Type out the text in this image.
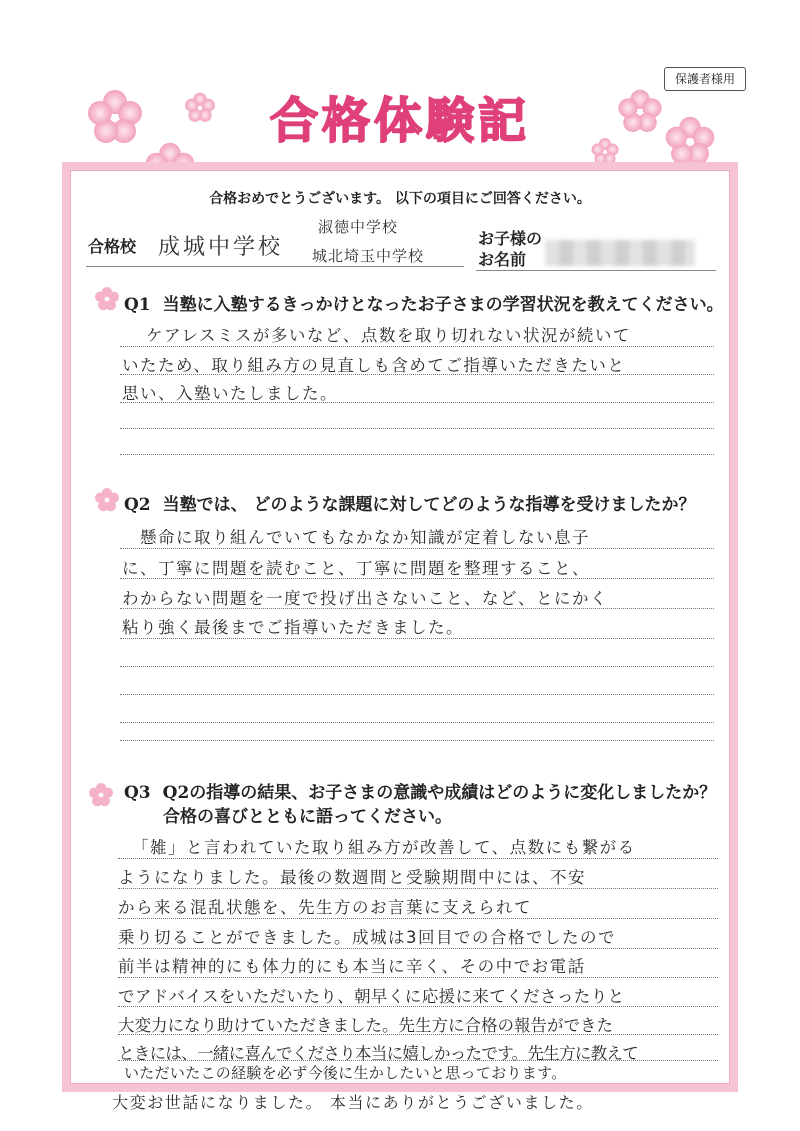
保護者様用
合格体験記
合格おめでとうございます。 以下の項目にご回答ください。
合格校 成城中学校
淑徳中学校
城北埼玉中学校
お子様の
お名前
Q1 当塾に入塾するきっかけとなったお子さまの学習状況を教えてください。
ケアレスミスが多いなど、点数を取り切れない状況が続いて
いたため、取り組み方の見直しも含めてご指導いただきたいと
思い、入塾いたしました。
Q2 当塾では、 どのような課題に対してどのような指導を受けましたか？
懸命に取り組んでいてもなかなか知識が定着しない息子
に、丁寧に問題を読むこと、丁寧に問題を整理すること、
わからない問題を一度で投げ出さないこと、など、とにかく
粘り強く最後までご指導いただきました。
Q3 Q2の指導の結果、お子さまの意識や成績はどのように変化しましたか？
合格の喜びとともに語ってください。
「雑」と言われていた取り組み方が改善して、点数にも繋がる
ようになりました。最後の数週間と受験期間中には、不安
から来る混乱状態を、先生方のお言葉に支えられて
乗り切ることができました。成城は3回目での合格でしたので
前半は精神的にも体力的にも本当に辛く、その中でお電話
でアドバイスをいただいたり、朝早くに応援に来てくださったりと
大変力になり助けていただきました。先生方に合格の報告ができた
ときには、一緒に喜んでくださり本当に嬉しかったです。先生方に教えて
いただいたこの経験を必ず今後に生かしたいと思っております。
大変お世話になりました。 本当にありがとうございました。
